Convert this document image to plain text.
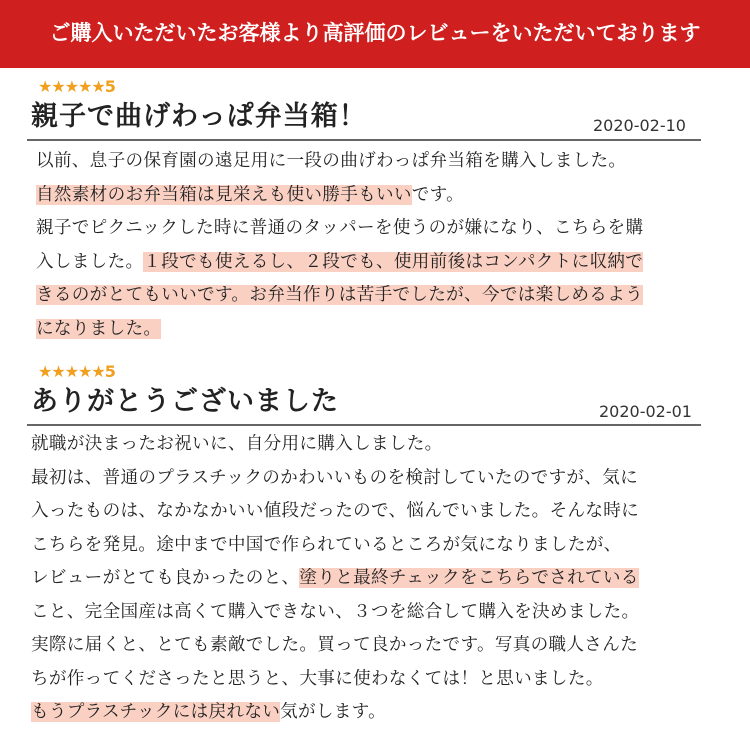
ご購入いただいたお客様より高評価のレビューをいただいております
★★★★★5
親子で曲げわっぱ弁当箱！	2020-02-10

以前、息子の保育園の遠足用に一段の曲げわっぱ弁当箱を購入しました。

自然素材のお弁当箱は見栄えも使い勝手もいいです。

親子でピクニックした時に普通のタッパーを使うのが嫌になり、こちらを購

入しました。１段でも使えるし、２段でも、使用前後はコンパクトに収納で

きるのがとてもいいです。お弁当作りは苦手でしたが、今では楽しめるよう

になりました。

★★★★★5
ありがとうございました	2020-02-01

就職が決まったお祝いに、自分用に購入しました。

最初は、普通のプラスチックのかわいいものを検討していたのですが、気に

入ったものは、なかなかいい値段だったので、悩んでいました。そんな時に

こちらを発見。途中まで中国で作られているところが気になりましたが、

レビューがとても良かったのと、塗りと最終チェックをこちらでされている

こと、完全国産は高くて購入できない、３つを総合して購入を決めました。

実際に届くと、とても素敵でした。買って良かったです。写真の職人さんた

ちが作ってくださったと思うと、大事に使わなくては！と思いました。

もうプラスチックには戻れない気がします。
